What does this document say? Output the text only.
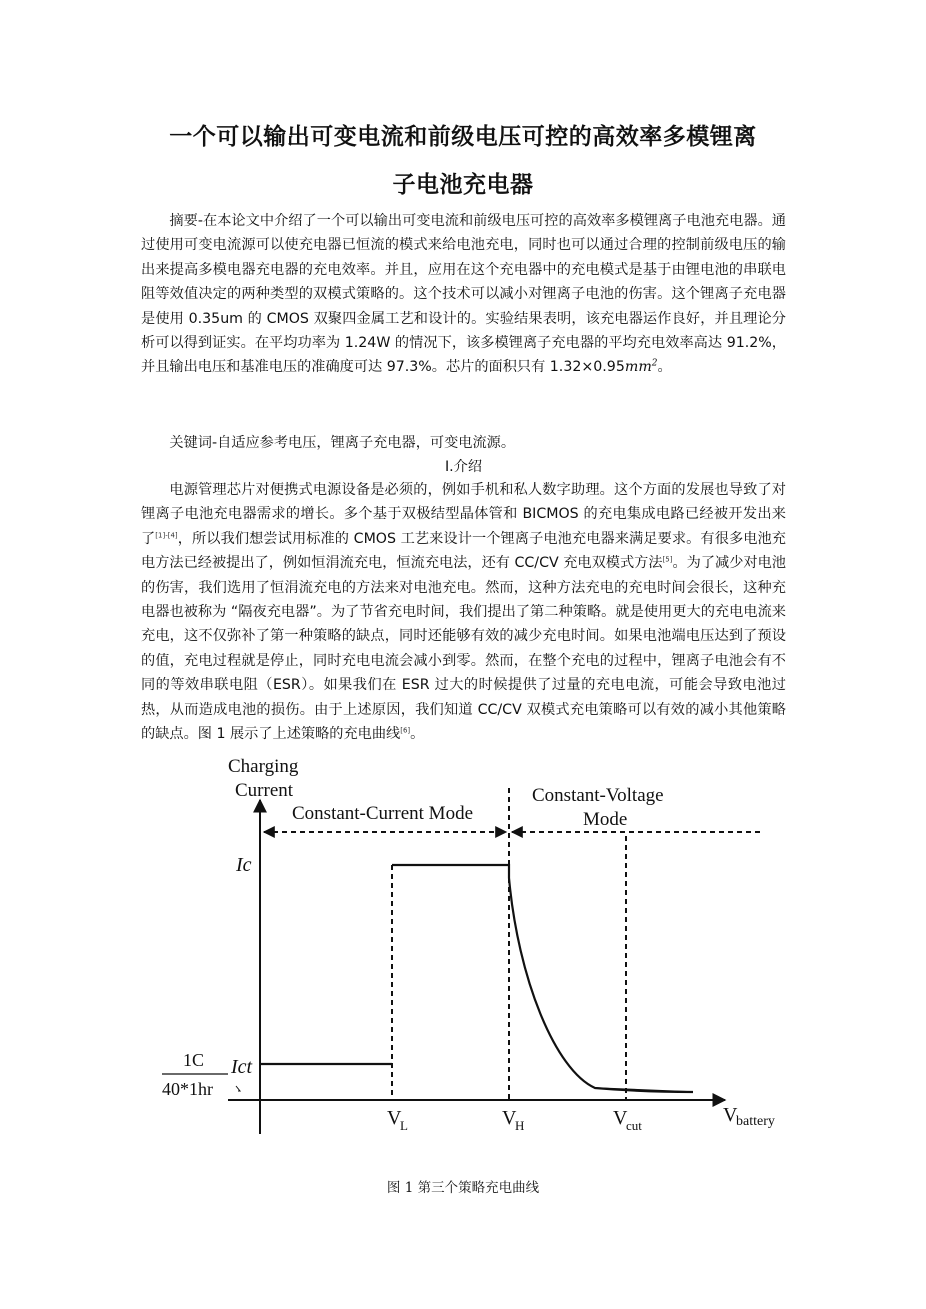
一个可以输出可变电流和前级电压可控的高效率多模锂离
子电池充电器

摘要-在本论文中介绍了一个可以输出可变电流和前级电压可控的高效率多模锂离子电池充电器。通过使用可变电流源可以使充电器已恒流的模式来给电池充电，同时也可以通过合理的控制前级电压的输出来提高多模电器充电器的充电效率。并且，应用在这个充电器中的充电模式是基于由锂电池的串联电阻等效值决定的两种类型的双模式策略的。这个技术可以减小对锂离子电池的伤害。这个锂离子充电器是使用 0.35um 的 CMOS 双聚四金属工艺和设计的。实验结果表明，该充电器运作良好，并且理论分析可以得到证实。在平均功率为 1.24W 的情况下，该多模锂离子充电器的平均充电效率高达 91.2%，并且输出电压和基准电压的准确度可达 97.3%。芯片的面积只有 $1.32\times 0.95mm^2$。

关键词-自适应参考电压，锂离子充电器，可变电流源。

Ⅰ.介绍

电源管理芯片对便携式电源设备是必须的，例如手机和私人数字助理。这个方面的发展也导致了对锂离子电池充电器需求的增长。多个基于双极结型晶体管和 BICMOS 的充电集成电路已经被开发出来了[1]-[4]，所以我们想尝试用标准的 CMOS 工艺来设计一个锂离子电池充电器来满足要求。有很多电池充电方法已经被提出了，例如恒涓流充电，恒流充电法，还有 CC/CV 充电双模式方法[5]。为了减少对电池的伤害，我们选用了恒涓流充电的方法来对电池充电。然而，这种方法充电的充电时间会很长，这种充电器也被称为 “隔夜充电器”。为了节省充电时间，我们提出了第二种策略。就是使用更大的充电电流来充电，这不仅弥补了第一种策略的缺点，同时还能够有效的减少充电时间。如果电池端电压达到了预设的值，充电过程就是停止，同时充电电流会减小到零。然而，在整个充电的过程中，锂离子电池会有不同的等效串联电阻（ESR）。如果我们在 ESR 过大的时候提供了过量的充电电流，可能会导致电池过热，从而造成电池的损伤。由于上述原因，我们知道 CC/CV 双模式充电策略可以有效的减小其他策略的缺点。图 1 展示了上述策略的充电曲线[6]。

Charging
Current
Constant-Current Mode
Constant-Voltage
Mode
Ic
Ict
1C
40*1hr
V
L	V
H	V
cut	V
battery
图 1 第三个策略充电曲线
